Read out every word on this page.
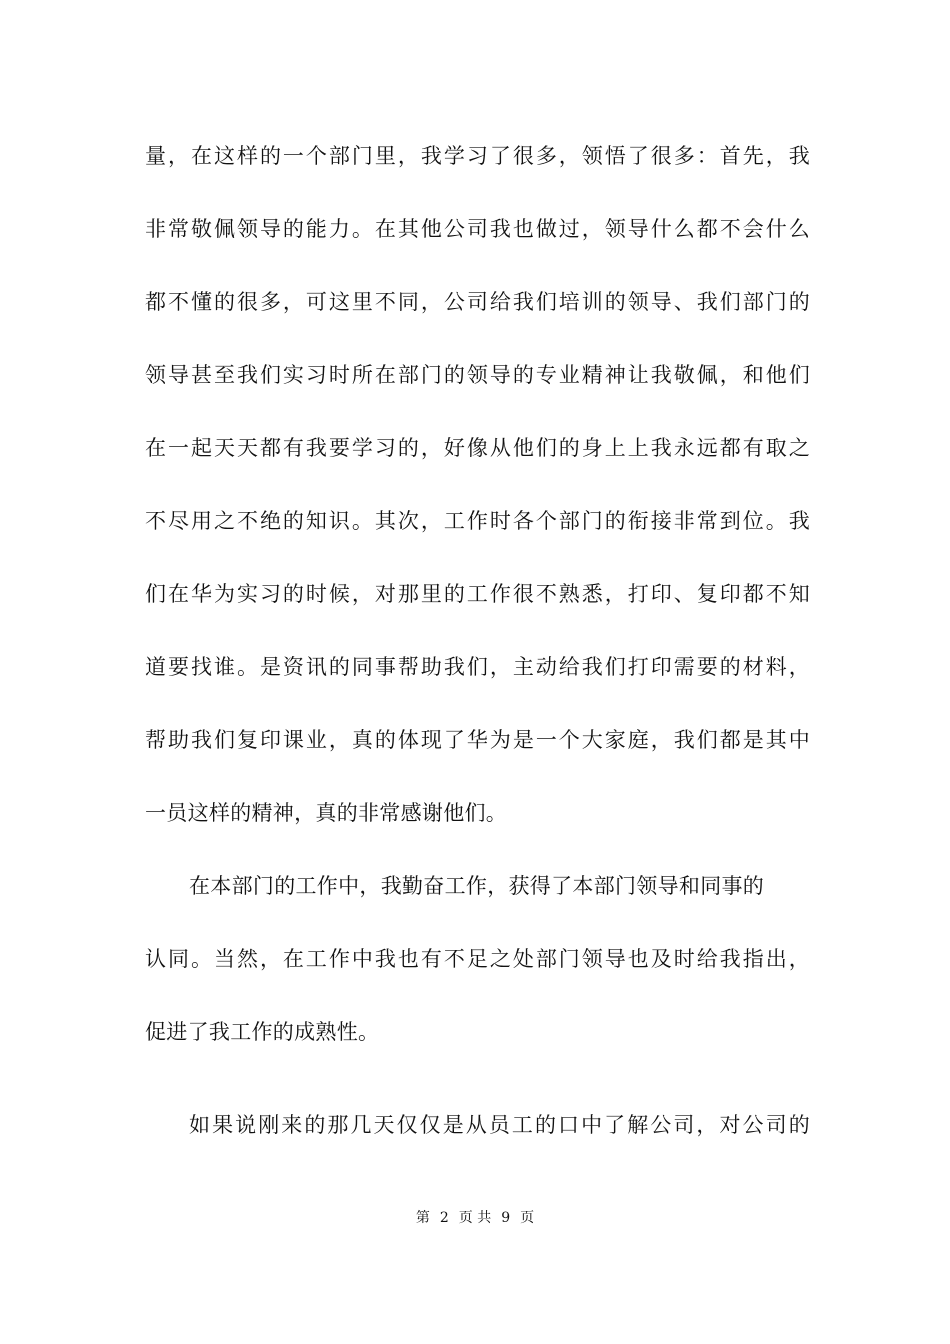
量，在这样的一个部门里，我学习了很多，领悟了很多：首先，我
非常敬佩领导的能力。在其他公司我也做过，领导什么都不会什么
都不懂的很多，可这里不同，公司给我们培训的领导、我们部门的
领导甚至我们实习时所在部门的领导的专业精神让我敬佩，和他们
在一起天天都有我要学习的，好像从他们的身上上我永远都有取之
不尽用之不绝的知识。其次，工作时各个部门的衔接非常到位。我
们在华为实习的时候，对那里的工作很不熟悉，打印、复印都不知
道要找谁。是资讯的同事帮助我们，主动给我们打印需要的材料，
帮助我们复印课业，真的体现了华为是一个大家庭，我们都是其中
一员这样的精神，真的非常感谢他们。
在本部门的工作中，我勤奋工作，获得了本部门领导和同事的
认同。当然，在工作中我也有不足之处部门领导也及时给我指出，
促进了我工作的成熟性。
如果说刚来的那几天仅仅是从员工的口中了解公司，对公司的
第 2 页 共 9 页
